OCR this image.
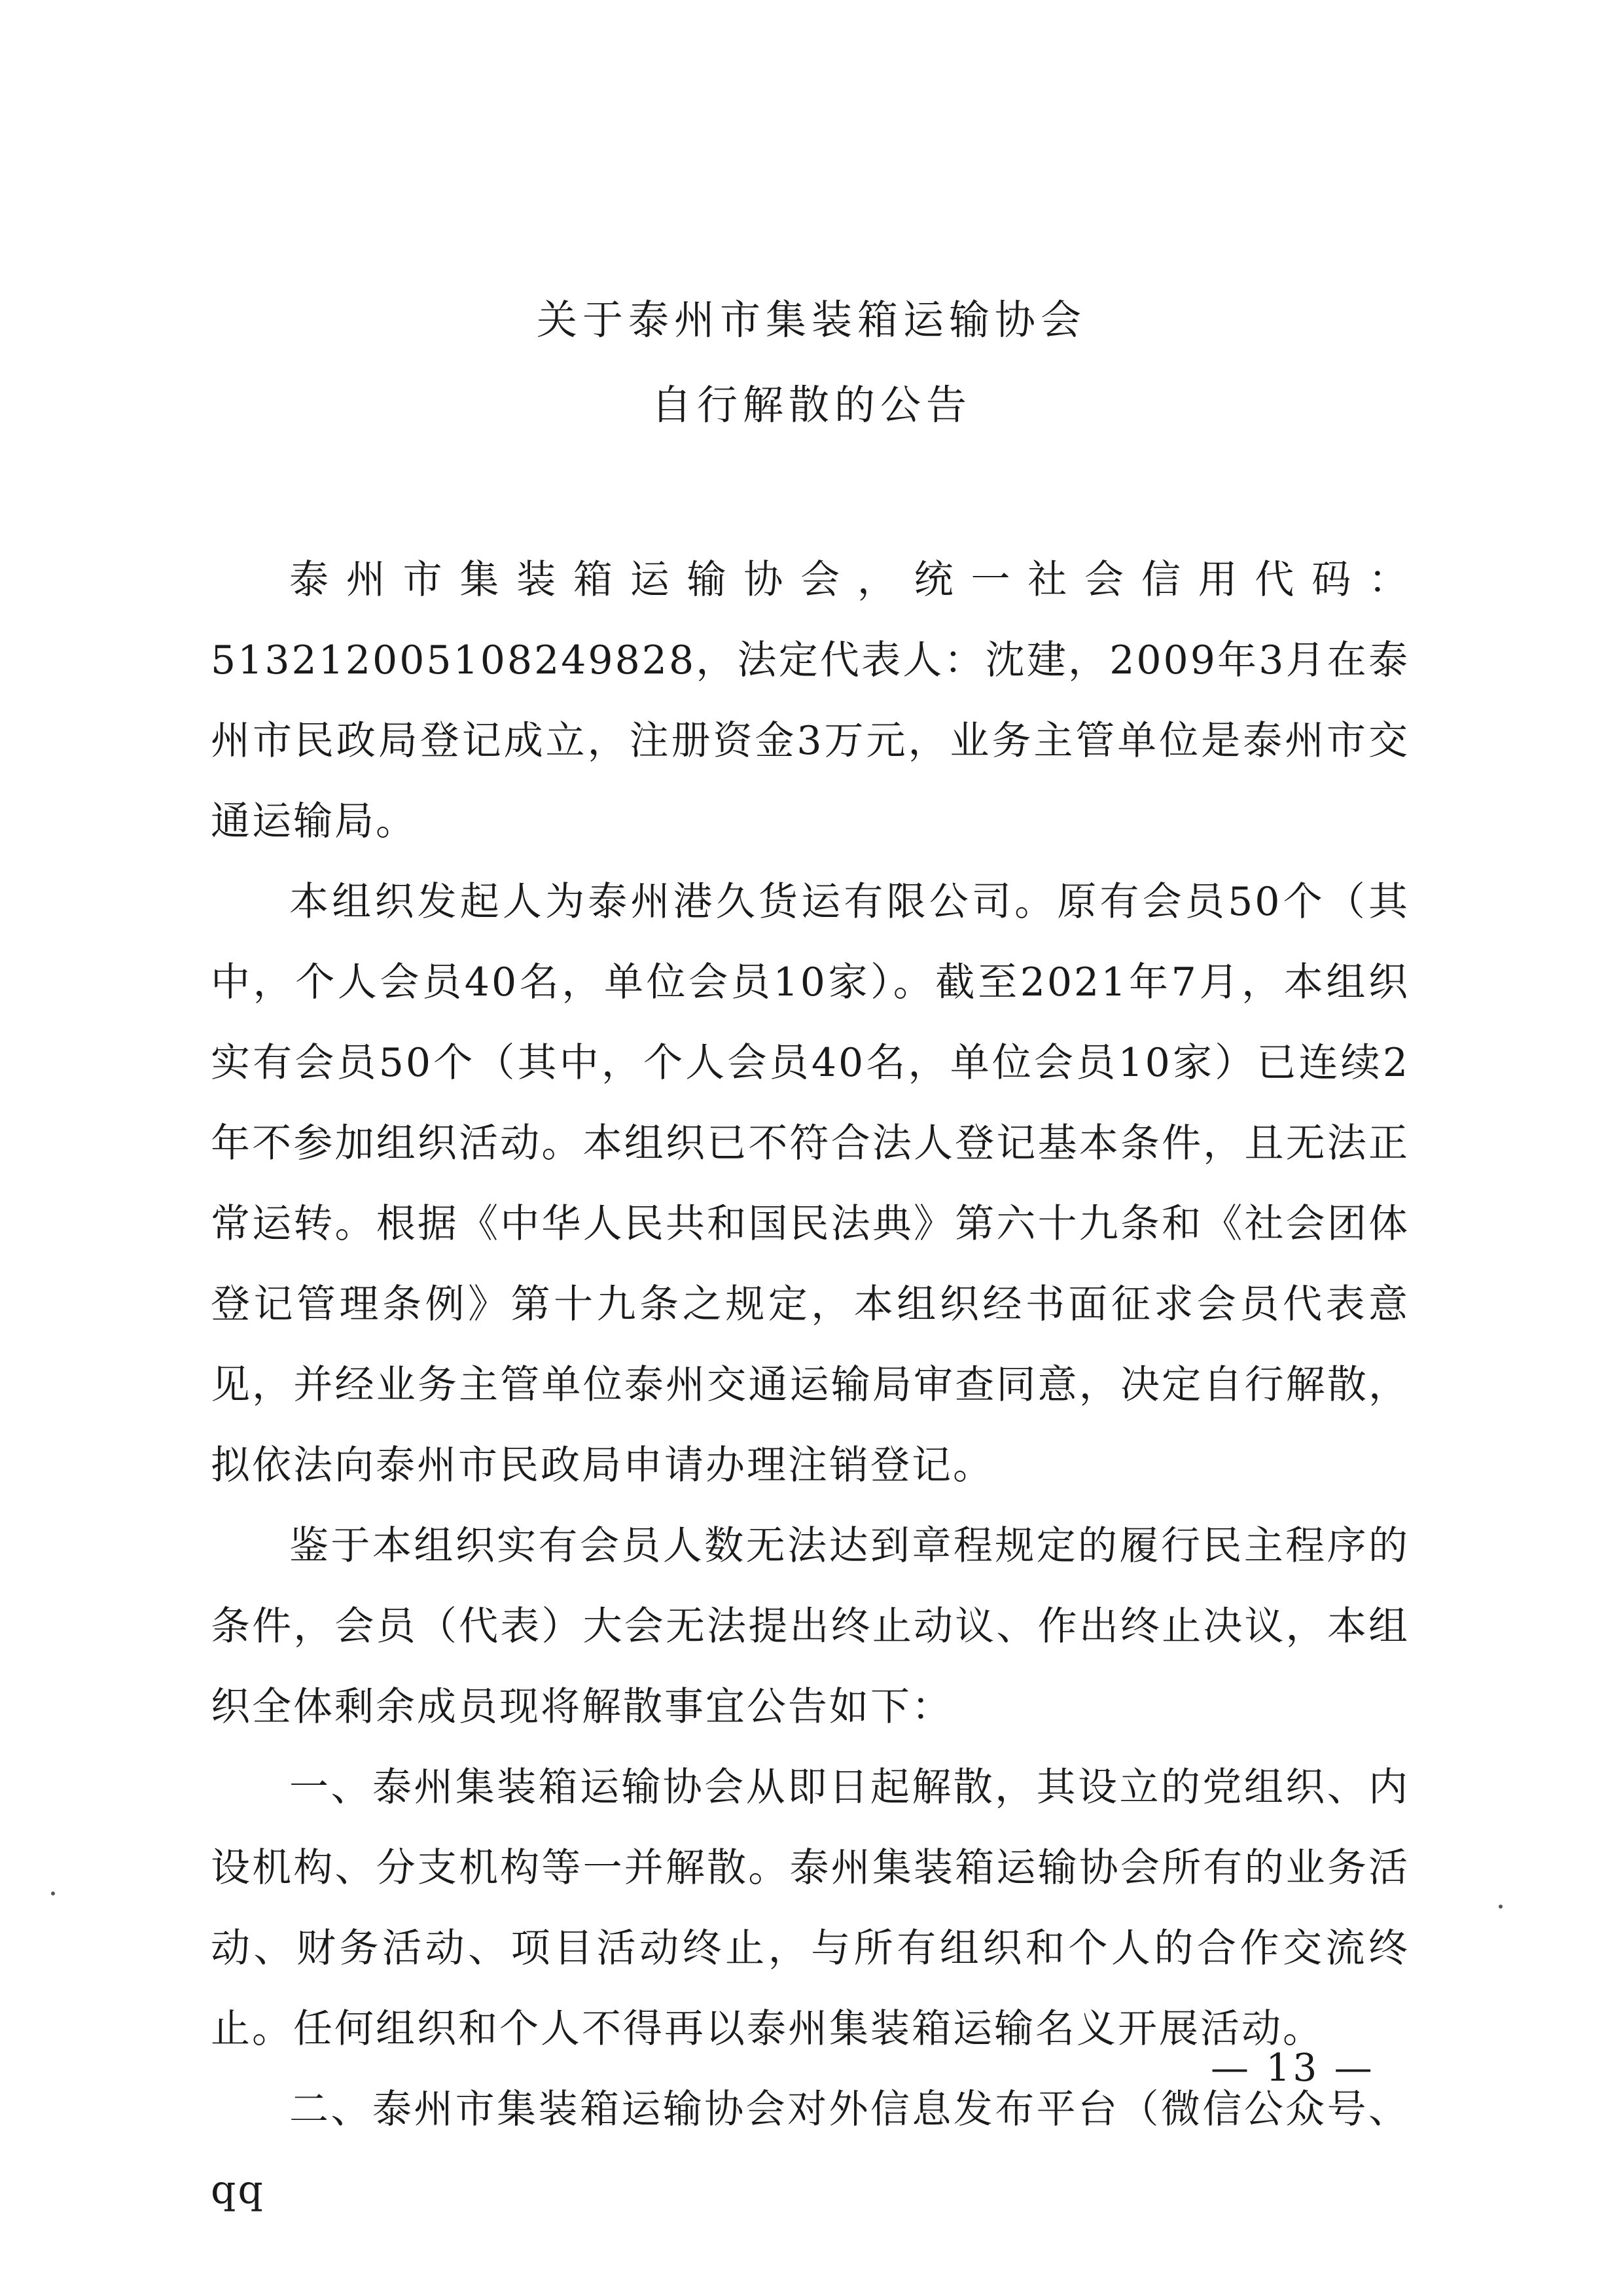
关于泰州市集装箱运输协会
自行解散的公告

泰州市集装箱运输协会，统一社会信用代码：513212005108249828，法定代表人：沈建，2009年3月在泰州市民政局登记成立，注册资金3万元，业务主管单位是泰州市交通运输局。

本组织发起人为泰州港久货运有限公司。原有会员50个（其中，个人会员40名，单位会员10家）。截至2021年7月，本组织实有会员50个（其中，个人会员40名，单位会员10家）已连续2年不参加组织活动。本组织已不符合法人登记基本条件，且无法正常运转。根据《中华人民共和国民法典》第六十九条和《社会团体登记管理条例》第十九条之规定，本组织经书面征求会员代表意见，并经业务主管单位泰州交通运输局审查同意，决定自行解散，拟依法向泰州市民政局申请办理注销登记。

鉴于本组织实有会员人数无法达到章程规定的履行民主程序的条件，会员（代表）大会无法提出终止动议、作出终止决议，本组织全体剩余成员现将解散事宜公告如下：

一、泰州集装箱运输协会从即日起解散，其设立的党组织、内设机构、分支机构等一并解散。泰州集装箱运输协会所有的业务活动、财务活动、项目活动终止，与所有组织和个人的合作交流终止。任何组织和个人不得再以泰州集装箱运输名义开展活动。

二、泰州市集装箱运输协会对外信息发布平台（微信公众号、qq

— 13 —
